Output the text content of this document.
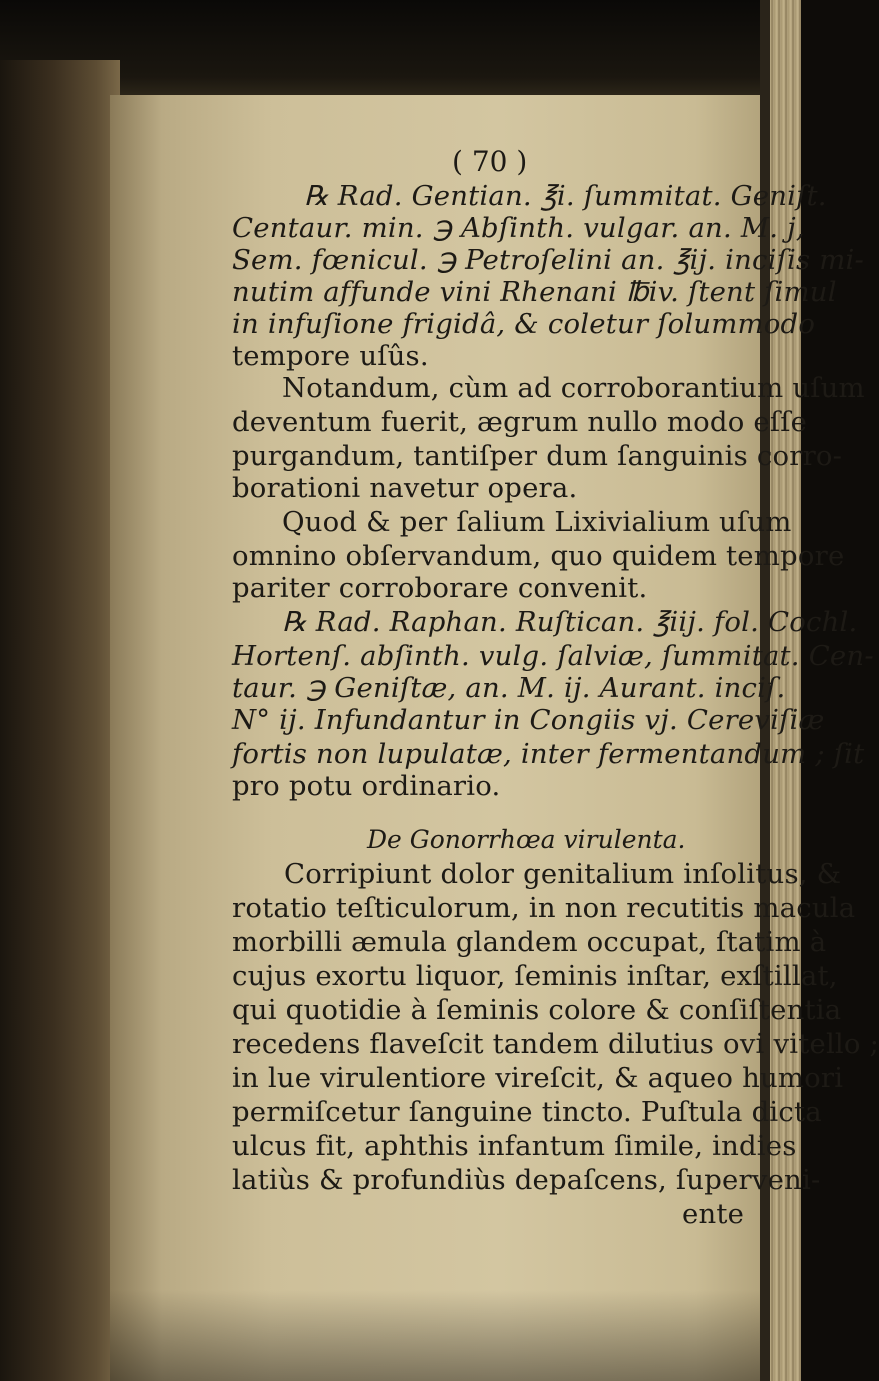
( 70 )
℞ Rad. Gentian. ℥i. ſummitat. Geniſt.
Centaur. min. ℈ Abſinth. vulgar. an. M. j,
Sem. fœnicul. ℈ Petroſelini an. ℥ij. inciſis mi-
nutim affunde vini Rhenani ℔iv. ſtent ſimul
in infuſione frigidâ, & coletur ſolummodo
tempore uſûs.
Notandum, cùm ad corroborantium uſum
deventum fuerit, ægrum nullo modo eſſe
purgandum, tantiſper dum ſanguinis corro-
borationi navetur opera.
Quod & per ſalium Lixivialium uſum
omnino obſervandum, quo quidem tempore
pariter corroborare convenit.
℞ Rad. Raphan. Ruſtican. ℥iij. fol. Cochl.
Hortenſ. abſinth. vulg. ſalviæ, ſummitat. Cen-
taur. ℈ Geniſtæ, an. M. ij. Aurant. inciſ.
N° ij. Infundantur in Congiis vj. Cereviſiæ
fortis non lupulatæ, inter fermentandum ; ſit
pro potu ordinario.
De Gonorrhœa virulenta.
Corripiunt dolor genitalium inſolitus, &
rotatio teſticulorum, in non recutitis macula
morbilli æmula glandem occupat, ſtatim à
cujus exortu liquor, ſeminis inſtar, exſtillat,
qui quotidie à ſeminis colore & conſiſtentia
recedens flaveſcit tandem dilutius ovi vitello ;
in lue virulentiore vireſcit, & aqueo humori
permiſcetur ſanguine tincto. Puſtula dicta
ulcus fit, aphthis infantum ſimile, indies
latiùs & profundiùs depaſcens, ſuperveni-
ente
